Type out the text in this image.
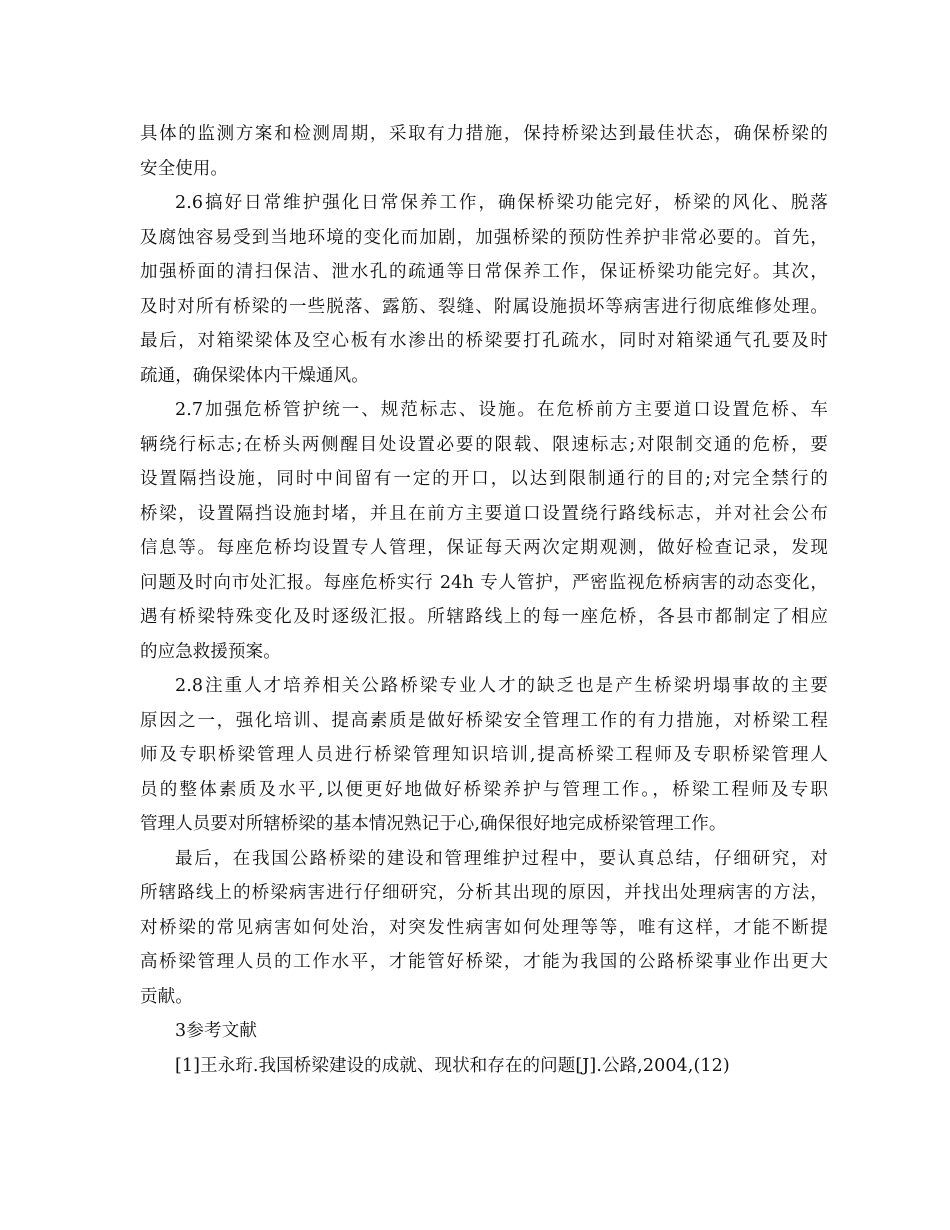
具体的监测方案和检测周期，采取有力措施，保持桥梁达到最佳状态，确保桥梁的
安全使用。
2.6搞好日常维护强化日常保养工作，确保桥梁功能完好，桥梁的风化、脱落
及腐蚀容易受到当地环境的变化而加剧，加强桥梁的预防性养护非常必要的。首先，
加强桥面的清扫保洁、泄水孔的疏通等日常保养工作，保证桥梁功能完好。其次，
及时对所有桥梁的一些脱落、露筋、裂缝、附属设施损坏等病害进行彻底维修处理。
最后，对箱梁梁体及空心板有水渗出的桥梁要打孔疏水，同时对箱梁通气孔要及时
疏通，确保梁体内干燥通风。
2.7加强危桥管护统一、规范标志、设施。在危桥前方主要道口设置危桥、车
辆绕行标志;在桥头两侧醒目处设置必要的限载、限速标志;对限制交通的危桥，要
设置隔挡设施，同时中间留有一定的开口，以达到限制通行的目的;对完全禁行的
桥梁，设置隔挡设施封堵，并且在前方主要道口设置绕行路线标志，并对社会公布
信息等。每座危桥均设置专人管理，保证每天两次定期观测，做好检查记录，发现
问题及时向市处汇报。每座危桥实行 24h 专人管护，严密监视危桥病害的动态变化，
遇有桥梁特殊变化及时逐级汇报。所辖路线上的每一座危桥，各县市都制定了相应
的应急救援预案。
2.8注重人才培养相关公路桥梁专业人才的缺乏也是产生桥梁坍塌事故的主要
原因之一，强化培训、提高素质是做好桥梁安全管理工作的有力措施，对桥梁工程
师及专职桥梁管理人员进行桥梁管理知识培训,提高桥梁工程师及专职桥梁管理人
员的整体素质及水平,以便更好地做好桥梁养护与管理工作。，桥梁工程师及专职
管理人员要对所辖桥梁的基本情况熟记于心,确保很好地完成桥梁管理工作。
最后，在我国公路桥梁的建设和管理维护过程中，要认真总结，仔细研究，对
所辖路线上的桥梁病害进行仔细研究，分析其出现的原因，并找出处理病害的方法，
对桥梁的常见病害如何处治，对突发性病害如何处理等等，唯有这样，才能不断提
高桥梁管理人员的工作水平，才能管好桥梁，才能为我国的公路桥梁事业作出更大
贡献。
3参考文献
[1]王永珩.我国桥梁建设的成就、现状和存在的问题[J].公路,2004,(12)
